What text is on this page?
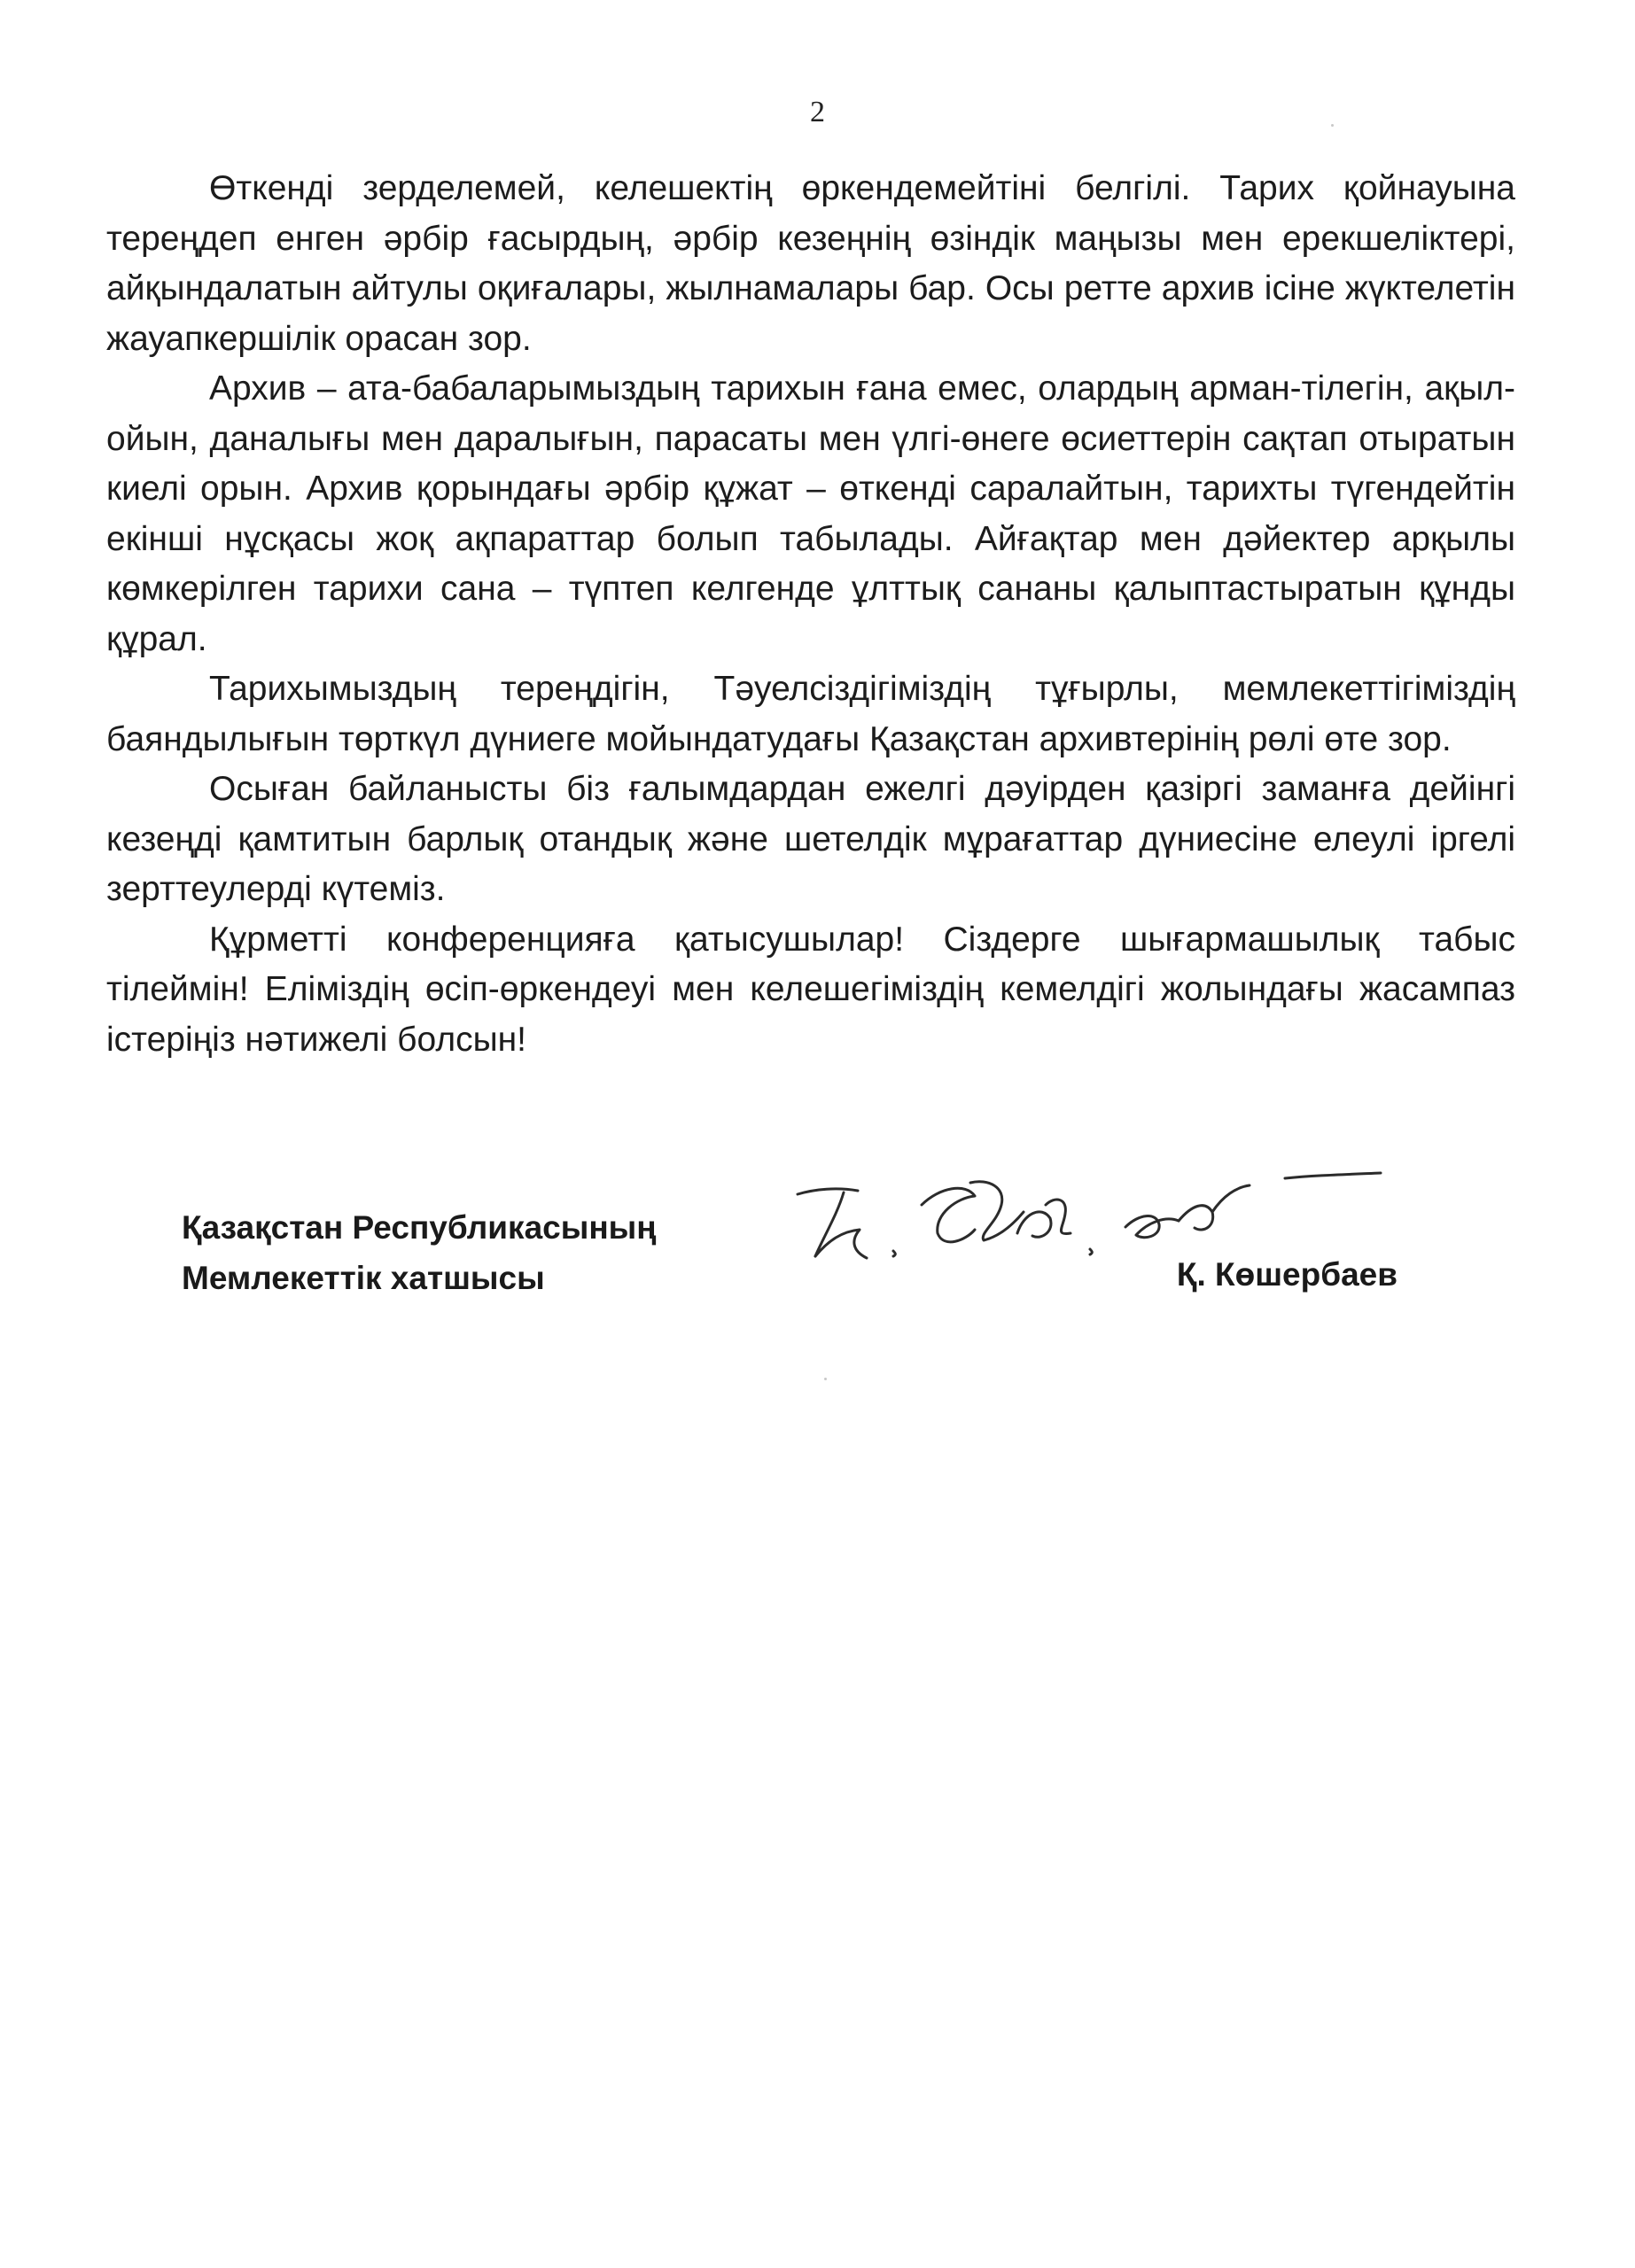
2

Өткенді зерделемей, келешектің өркендемейтіні белгілі. Тарих қойнауына тереңдеп енген әрбір ғасырдың, әрбір кезеңнің өзіндік маңызы мен ерекшеліктері, айқындалатын айтулы оқиғалары, жылнамалары бар. Осы ретте архив ісіне жүктелетін жауапкершілік орасан зор.

Архив – ата-бабаларымыздың тарихын ғана емес, олардың арман-тілегін, ақыл-ойын, даналығы мен даралығын, парасаты мен үлгі-өнеге өсиеттерін сақтап отыратын киелі орын. Архив қорындағы әрбір құжат – өткенді саралайтын, тарихты түгендейтін екінші нұсқасы жоқ ақпараттар болып табылады. Айғақтар мен дәйектер арқылы көмкерілген тарихи сана – түптеп келгенде ұлттық сананы қалыптастыратын құнды құрал.

Тарихымыздың тереңдігін, Тәуелсіздігіміздің тұғырлы, мемлекеттігіміздің баяндылығын төрткүл дүниеге мойындатудағы Қазақстан архивтерінің рөлі өте зор.

Осыған байланысты біз ғалымдардан ежелгі дәуірден қазіргі заманға дейінгі кезеңді қамтитын барлық отандық және шетелдік мұрағаттар дүниесіне елеулі іргелі зерттеулерді күтеміз.

Құрметті конференцияға қатысушылар! Сіздерге шығармашылық табыс тілеймін! Еліміздің өсіп-өркендеуі мен келешегіміздің кемелдігі жолындағы жасампаз істеріңіз нәтижелі болсын!

Қазақстан Республикасының
Мемлекеттік хатшысы	Қ. Көшербаев
